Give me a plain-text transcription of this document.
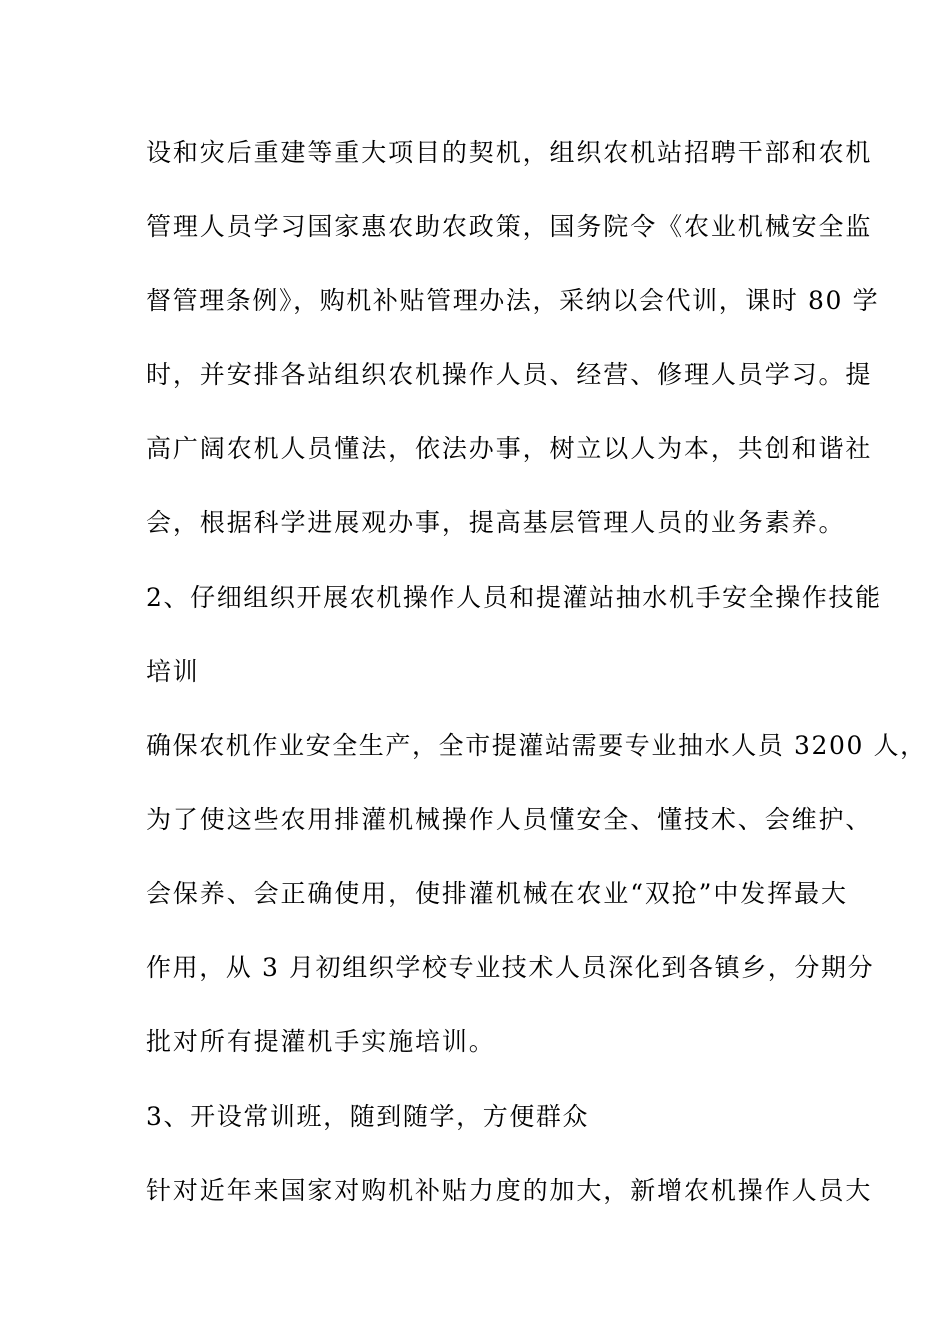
设和灾后重建等重大项目的契机，组织农机站招聘干部和农机
管理人员学习国家惠农助农政策，国务院令《农业机械安全监
督管理条例》，购机补贴管理办法，采纳以会代训，课时 80 学
时，并安排各站组织农机操作人员、经营、修理人员学习。提
高广阔农机人员懂法，依法办事，树立以人为本，共创和谐社
会，根据科学进展观办事，提高基层管理人员的业务素养。
2、仔细组织开展农机操作人员和提灌站抽水机手安全操作技能
培训
确保农机作业安全生产，全市提灌站需要专业抽水人员 3200 人，
为了使这些农用排灌机械操作人员懂安全、懂技术、会维护、
会保养、会正确使用，使排灌机械在农业“双抢”中发挥最大
作用，从 3 月初组织学校专业技术人员深化到各镇乡，分期分
批对所有提灌机手实施培训。
3、开设常训班，随到随学，方便群众
针对近年来国家对购机补贴力度的加大，新增农机操作人员大
